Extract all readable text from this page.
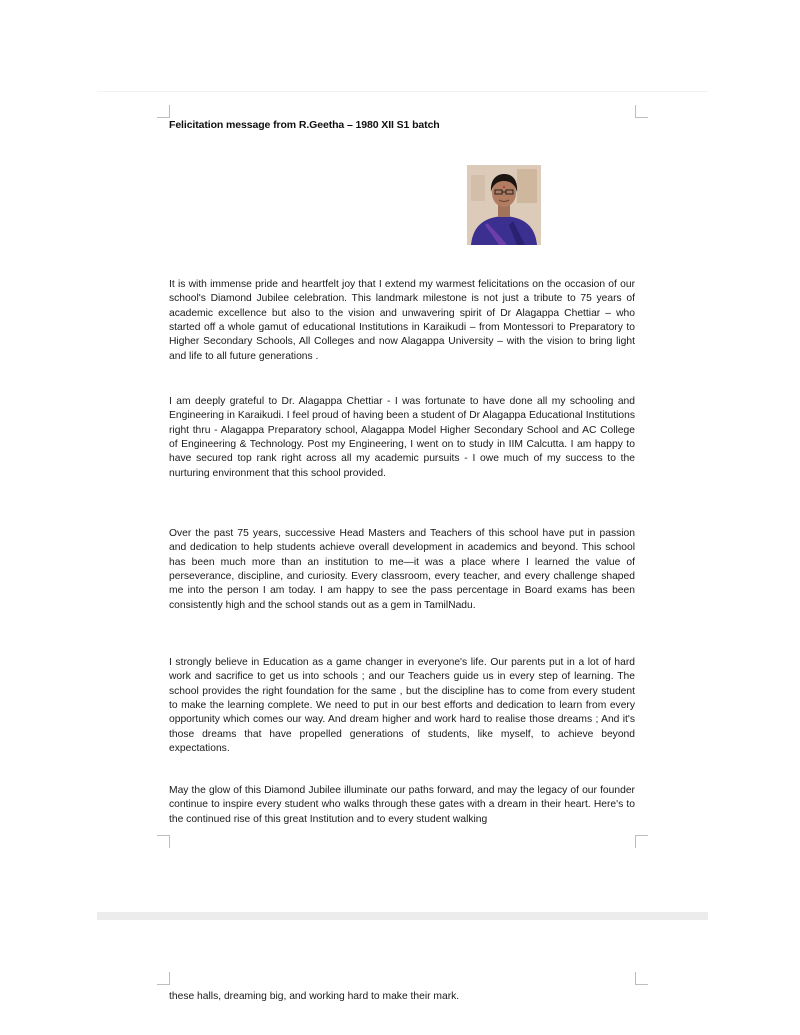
Felicitation message from R.Geetha – 1980 XII S1 batch

It is with immense pride and heartfelt joy that I extend my warmest felicitations on the occasion of our school's Diamond Jubilee celebration. This landmark milestone is not just a tribute to 75 years of academic excellence but also to the vision and unwavering spirit of Dr Alagappa Chettiar – who started off a whole gamut of educational Institutions in Karaikudi – from Montessori to Preparatory to Higher Secondary Schools, All Colleges and now Alagappa University – with the vision to bring light and life to all future generations .

I am deeply grateful to Dr. Alagappa Chettiar - I was fortunate to have done all my schooling and Engineering in Karaikudi. I feel proud of having been a student of Dr Alagappa Educational Institutions right thru - Alagappa Preparatory school, Alagappa Model Higher Secondary School and AC College of Engineering & Technology. Post my Engineering, I went on to study in IIM Calcutta. I am happy to have secured top rank right across all my academic pursuits - I owe much of my success to the nurturing environment that this school provided.

Over the past 75 years, successive Head Masters and Teachers of this school have put in passion and dedication to help students achieve overall development in academics and beyond. This school has been much more than an institution to me—it was a place where I learned the value of perseverance, discipline, and curiosity. Every classroom, every teacher, and every challenge shaped me into the person I am today. I am happy to see the pass percentage in Board exams has been consistently high and the school stands out as a gem in TamilNadu.

I strongly believe in Education as a game changer in everyone's life. Our parents put in a lot of hard work and sacrifice to get us into schools ; and our Teachers guide us in every step of learning. The school provides the right foundation for the same , but the discipline has to come from every student to make the learning complete. We need to put in our best efforts and dedication to learn from every opportunity which comes our way. And dream higher and work hard to realise those dreams ; And it's those dreams that have propelled generations of students, like myself, to achieve beyond expectations.

May the glow of this Diamond Jubilee illuminate our paths forward, and may the legacy of our founder continue to inspire every student who walks through these gates with a dream in their heart. Here's to the continued rise of this great Institution and to every student walking

these halls, dreaming big, and working hard to make their mark.
